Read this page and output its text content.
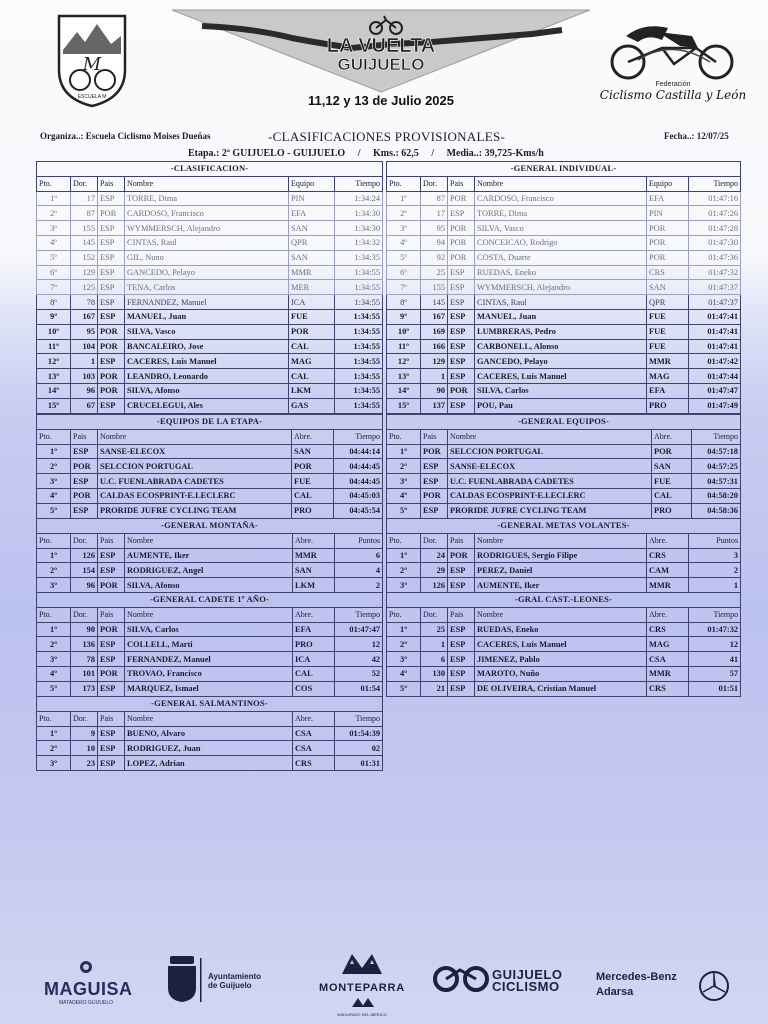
M
ESCUELA M
LA VUELTA
GUIJUELO
11,12 y 13 de Julio 2025
Federación
Ciclismo Castilla y León
Organiza..: Escuela Ciclismo Moises Dueñas	-CLASIFICACIONES PROVISIONALES-	Fecha..: 12/07/25
Etapa.: 2ª GUIJUELO - GUIJUELO / Kms.: 62,5 / Media..: 39,725-Kms/h
-CLASIFICACION-					
Pto.	Dor.	Pais	Nombre	Equipo	Tiempo
1º	17	ESP	TORRE, Dima	PIN	1:34:24
2º	87	POR	CARDOSO, Francisco	EFA	1:34:30
3º	155	ESP	WYMMERSCH, Alejandro	SAN	1:34:30
4º	145	ESP	CINTAS, Raul	QPR	1:34:32
5º	152	ESP	GIL, Nuno	SAN	1:34:35
6º	129	ESP	GANCEDO, Pelayo	MMR	1:34:55
7º	125	ESP	TENA, Carlos	MER	1:34:55
8º	78	ESP	FERNANDEZ, Manuel	ICA	1:34:55
9º	167	ESP	MANUEL, Juan	FUE	1:34:55
10º	95	POR	SILVA, Vasco	POR	1:34:55
11º	104	POR	BANCALEIRO, Jose	CAL	1:34:55
12º	1	ESP	CACERES, Luis Manuel	MAG	1:34:55
13º	103	POR	LEANDRO, Leonardo	CAL	1:34:55
14º	96	POR	SILVA, Afonso	LKM	1:34:55
15º	67	ESP	CRUCELEGUI, Ales	GAS	1:34:55
-EQUIPOS DE LA ETAPA-				
Pto.	Pais	Nombre	Abre.	Tiempo
1º	ESP	SANSE-ELECOX	SAN	04:44:14
2º	POR	SELCCION PORTUGAL	POR	04:44:45
3º	ESP	U.C. FUENLABRADA CADETES	FUE	04:44:45
4º	POR	CALDAS ECOSPRINT-E.LECLERC	CAL	04:45:03
5º	ESP	PRORIDE JUFRE CYCLING TEAM	PRO	04:45:54
-GENERAL MONTAÑA-					
Pto.	Dor.	Pais	Nombre	Abre.	Puntos
1º	126	ESP	AUMENTE, Iker	MMR	6
2º	154	ESP	RODRIGUEZ, Angel	SAN	4
3º	96	POR	SILVA, Afonso	LKM	2
-GENERAL CADETE 1º AÑO-					
Pto.	Dor.	Pais	Nombre	Abre.	Tiempo
1º	90	POR	SILVA, Carlos	EFA	01:47:47
2º	136	ESP	COLLELL, Marti	PRO	12
3º	78	ESP	FERNANDEZ, Manuel	ICA	42
4º	101	POR	TROVAO, Francisco	CAL	52
5º	173	ESP	MARQUEZ, Ismael	COS	01:54
-GENERAL SALMANTINOS-					
Pto.	Dor.	Pais	Nombre	Abre.	Tiempo
1º	9	ESP	BUENO, Alvaro	CSA	01:54:39
2º	10	ESP	RODRIGUEZ, Juan	CSA	02
3º	23	ESP	LOPEZ, Adrian	CRS	01:31
-GENERAL INDIVIDUAL-					
Pto.	Dor.	Pais	Nombre	Equipo	Tiempo
1º	87	POR	CARDOSO, Francisco	EFA	01:47:16
2º	17	ESP	TORRE, Dima	PIN	01:47:26
3º	95	POR	SILVA, Vasco	POR	01:47:28
4º	94	POR	CONCEICAO, Rodrigo	POR	01:47:30
5º	92	POR	COSTA, Duarte	POR	01:47:36
6º	25	ESP	RUEDAS, Eneko	CRS	01:47:32
7º	155	ESP	WYMMERSCH, Alejandro	SAN	01:47:37
8º	145	ESP	CINTAS, Raul	QPR	01:47:37
9º	167	ESP	MANUEL, Juan	FUE	01:47:41
10º	169	ESP	LUMBRERAS, Pedro	FUE	01:47:41
11º	166	ESP	CARBONELL, Alonso	FUE	01:47:41
12º	129	ESP	GANCEDO, Pelayo	MMR	01:47:42
13º	1	ESP	CACERES, Luis Manuel	MAG	01:47:44
14º	90	POR	SILVA, Carlos	EFA	01:47:47
15º	137	ESP	POU, Pau	PRO	01:47:49
-GENERAL EQUIPOS-				
Pto.	Pais	Nombre	Abre.	Tiempo
1º	POR	SELCCION PORTUGAL	POR	04:57:18
2º	ESP	SANSE-ELECOX	SAN	04:57:25
3º	ESP	U.C. FUENLABRADA CADETES	FUE	04:57:31
4º	POR	CALDAS ECOSPRINT-E.LECLERC	CAL	04:58:20
5º	ESP	PRORIDE JUFRE CYCLING TEAM	PRO	04:58:36
-GENERAL METAS VOLANTES-					
Pto.	Dor.	Pais	Nombre	Abre.	Puntos
1º	24	POR	RODRIGUES, Sergio Filipe	CRS	3
2º	29	ESP	PEREZ, Daniel	CAM	2
3º	126	ESP	AUMENTE, Iker	MMR	1
-GRAL CAST.-LEONES-					
Pto.	Dor.	Pais	Nombre	Abre.	Tiempo
1º	25	ESP	RUEDAS, Eneko	CRS	01:47:32
2º	1	ESP	CACERES, Luis Manuel	MAG	12
3º	6	ESP	JIMENEZ, Pablo	CSA	41
4º	130	ESP	MAROTO, Nuño	MMR	57
5º	21	ESP	DE OLIVEIRA, Cristian Manuel	CRS	01:51
MAGUISA
MATADERO GUIJUELO
Ayuntamiento
de Guijuelo	MONTEPARRA
MADURADO DEL IBERICO
GUIJUELO
CICLISMO
Mercedes-Benz
Adarsa
